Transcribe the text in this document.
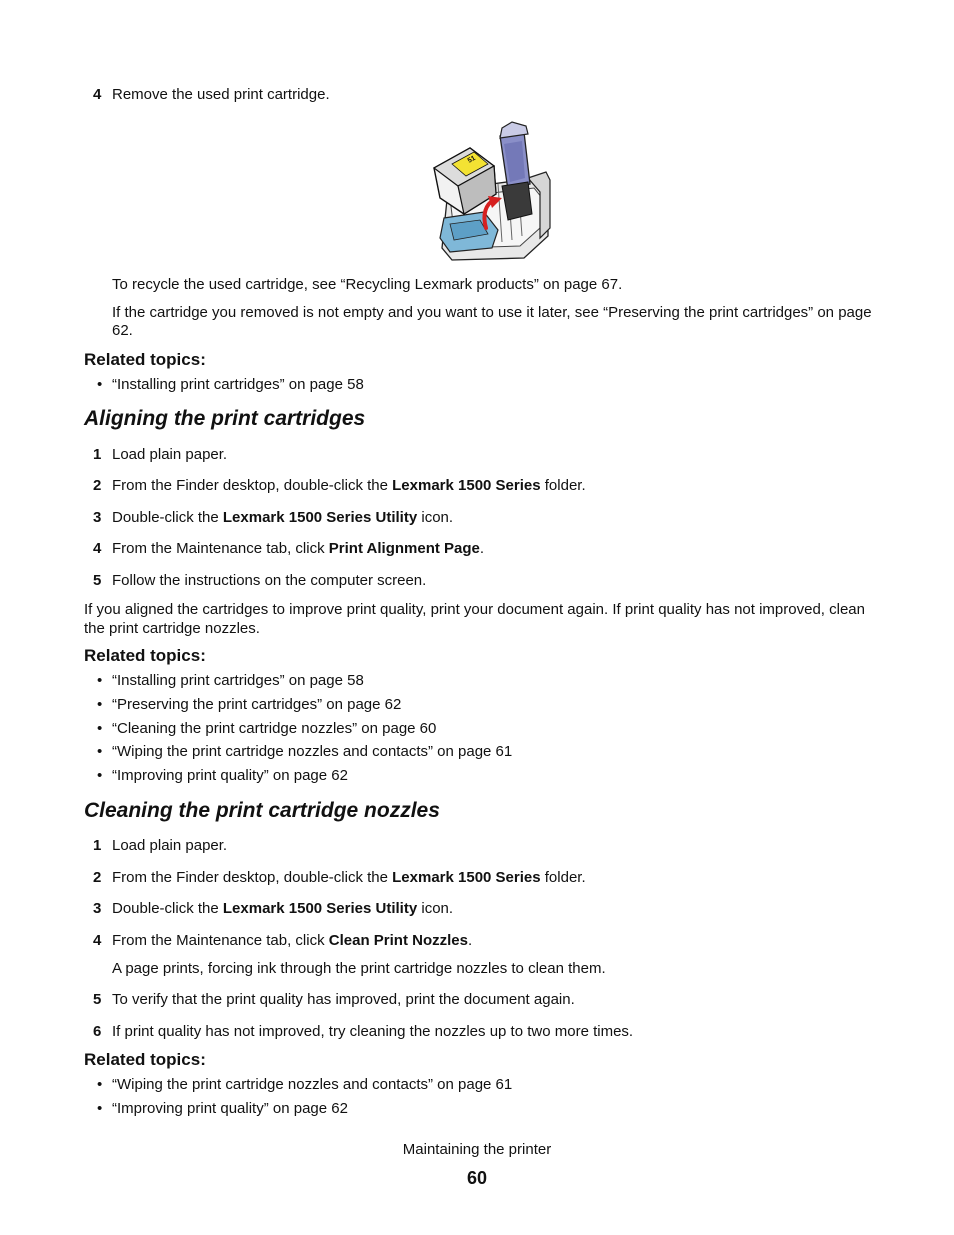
4 Remove the used print cartridge.
51
To recycle the used cartridge, see “Recycling Lexmark products” on page 67.
If the cartridge you removed is not empty and you want to use it later, see “Preserving the print cartridges” on page 62.
Related topics:
• “Installing print cartridges” on page 58
Aligning the print cartridges
1 Load plain paper.
2 From the Finder desktop, double-click the Lexmark 1500 Series folder.
3 Double-click the Lexmark 1500 Series Utility icon.
4 From the Maintenance tab, click Print Alignment Page.
5 Follow the instructions on the computer screen.
If you aligned the cartridges to improve print quality, print your document again. If print quality has not improved, clean the print cartridge nozzles.
Related topics:
• “Installing print cartridges” on page 58
• “Preserving the print cartridges” on page 62
• “Cleaning the print cartridge nozzles” on page 60
• “Wiping the print cartridge nozzles and contacts” on page 61
• “Improving print quality” on page 62
Cleaning the print cartridge nozzles
1 Load plain paper.
2 From the Finder desktop, double-click the Lexmark 1500 Series folder.
3 Double-click the Lexmark 1500 Series Utility icon.
4 From the Maintenance tab, click Clean Print Nozzles.
A page prints, forcing ink through the print cartridge nozzles to clean them.
5 To verify that the print quality has improved, print the document again.
6 If print quality has not improved, try cleaning the nozzles up to two more times.
Related topics:
• “Wiping the print cartridge nozzles and contacts” on page 61
• “Improving print quality” on page 62
Maintaining the printer
60
